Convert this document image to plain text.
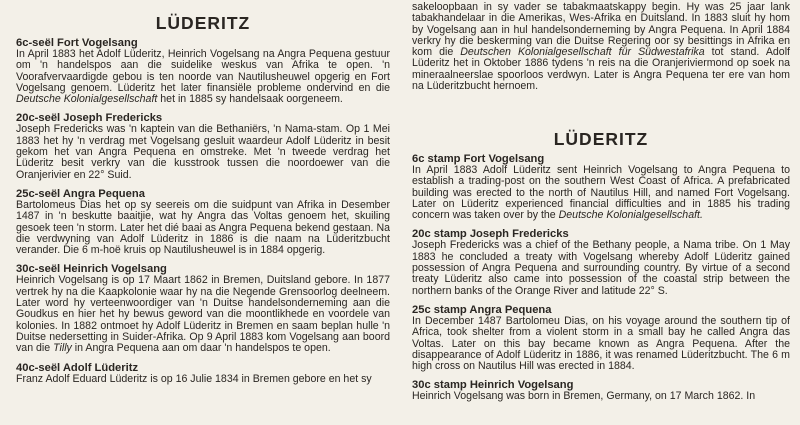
LÜDERITZ
6c-seël Fort Vogelsang

In April 1883 het Adolf Lüderitz, Heinrich Vogelsang na Angra Pequena gestuur om 'n handelspos aan die suidelike weskus van Afrika te open. 'n Voorafvervaardigde gebou is ten noorde van Nautilusheuwel opgerig en Fort Vogelsang genoem. Lüderitz het later finansiële probleme ondervind en die Deutsche Kolonialgesellschaft het in 1885 sy handelsaak oorgeneem.

20c-seël Joseph Fredericks

Joseph Fredericks was 'n kaptein van die Bethaniërs, 'n Nama-stam. Op 1 Mei 1883 het hy 'n verdrag met Vogelsang gesluit waardeur Adolf Lüderitz in besit gekom het van Angra Pequena en omstreke. Met 'n tweede verdrag het Lüderitz besit verkry van die kusstrook tussen die noordoewer van die Oranjerivier en 22° Suid.

25c-seël Angra Pequena

Bartolomeus Dias het op sy seereis om die suidpunt van Afrika in Desember 1487 in 'n beskutte baaitjie, wat hy Angra das Voltas genoem het, skuiling gesoek teen 'n storm. Later het dié baai as Angra Pequena bekend gestaan. Na die verdwyning van Adolf Lüderitz in 1886 is die naam na Lüderitzbucht verander. Die 6 m-hoë kruis op Nautilusheuwel is in 1884 opgerig.

30c-seël Heinrich Vogelsang

Heinrich Vogelsang is op 17 Maart 1862 in Bremen, Duitsland gebore. In 1877 vertrek hy na die Kaapkolonie waar hy na die Negende Grensoorlog deelneem. Later word hy verteenwoordiger van 'n Duitse handelsonderneming aan die Goudkus en hier het hy bewus geword van die moontlikhede en voordele van kolonies. In 1882 ontmoet hy Adolf Lüderitz in Bremen en saam beplan hulle 'n Duitse nedersetting in Suider-Afrika. Op 9 April 1883 kom Vogelsang aan boord van die Tilly in Angra Pequena aan om daar 'n handelspos te open.

40c-seël Adolf Lüderitz

Franz Adolf Eduard Lüderitz is op 16 Julie 1834 in Bremen gebore en het sy

sakeloopbaan in sy vader se tabakmaatskappy begin. Hy was 25 jaar lank tabakhandelaar in die Amerikas, Wes-Afrika en Duitsland. In 1883 sluit hy hom by Vogelsang aan in hul handelsonderneming by Angra Pequena. In April 1884 verkry hy die beskerming van die Duitse Regering oor sy besittings in Afrika en kom die Deutschen Kolonialgesellschaft für Südwestafrika tot stand. Adolf Lüderitz het in Oktober 1886 tydens 'n reis na die Oranjeriviermond op soek na mineraalneerslae spoorloos verdwyn. Later is Angra Pequena ter ere van hom na Lüderitzbucht hernoem.

LÜDERITZ
6c stamp Fort Vogelsang

In April 1883 Adolf Lüderitz sent Heinrich Vogelsang to Angra Pequena to establish a trading-post on the southern West Coast of Africa. A prefabricated building was erected to the north of Nautilus Hill, and named Fort Vogelsang. Later on Lüderitz experienced financial difficulties and in 1885 his trading concern was taken over by the Deutsche Kolonialgesellschaft.

20c stamp Joseph Fredericks

Joseph Fredericks was a chief of the Bethany people, a Nama tribe. On 1 May 1883 he concluded a treaty with Vogelsang whereby Adolf Lüderitz gained possession of Angra Pequena and surrounding country. By virtue of a second treaty Lüderitz also came into possession of the coastal strip between the northern banks of the Orange River and latitude 22° S.

25c stamp Angra Pequena

In December 1487 Bartolomeu Dias, on his voyage around the southern tip of Africa, took shelter from a violent storm in a small bay he called Angra das Voltas. Later on this bay became known as Angra Pequena. After the disappearance of Adolf Lüderitz in 1886, it was renamed Lüderitzbucht. The 6 m high cross on Nautilus Hill was erected in 1884.

30c stamp Heinrich Vogelsang

Heinrich Vogelsang was born in Bremen, Germany, on 17 March 1862. In
